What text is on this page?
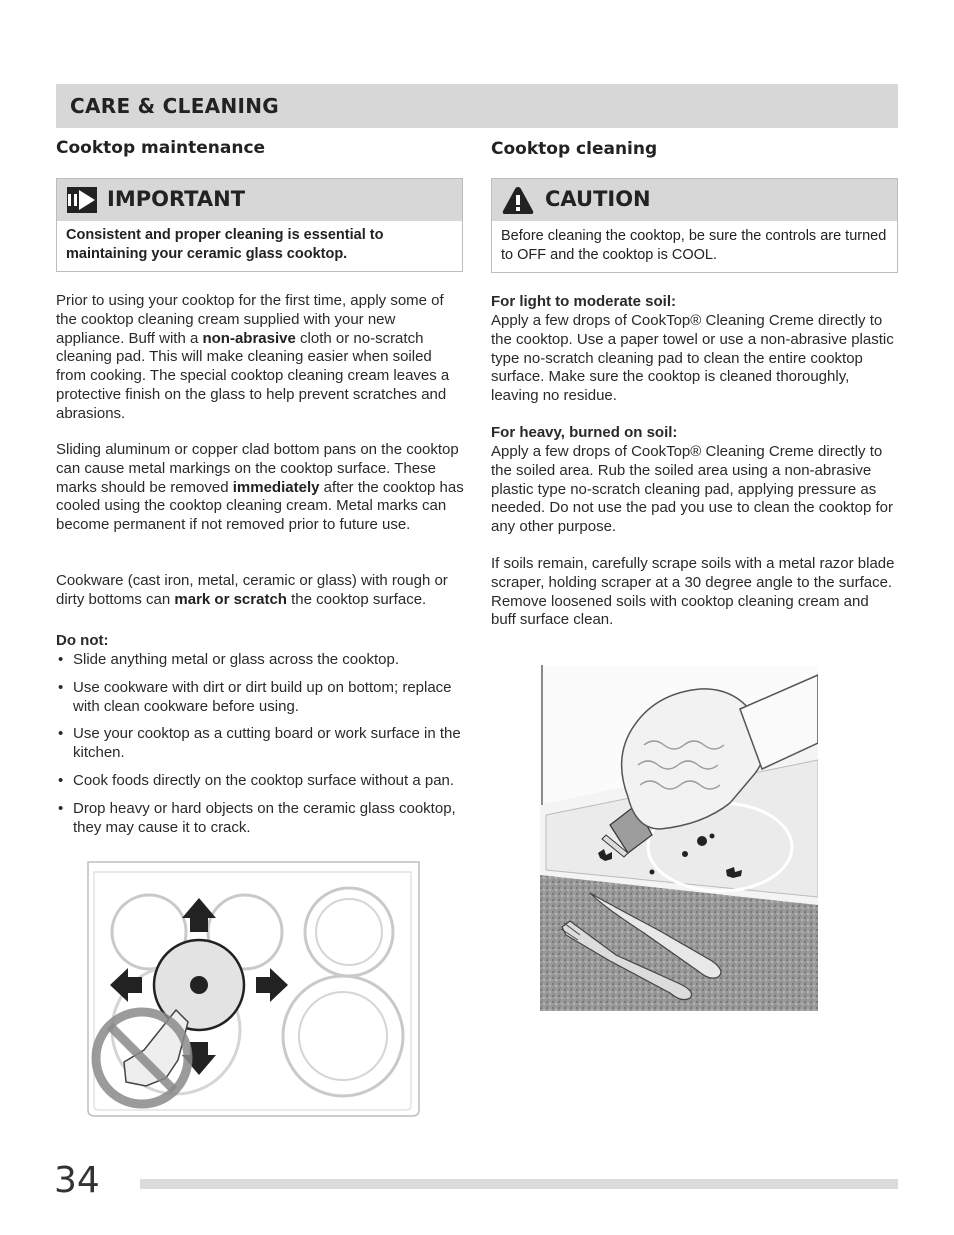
CARE & CLEANING
Cooktop maintenance
IMPORTANT
Consistent and proper cleaning is essential to maintaining your ceramic glass cooktop.
Prior to using your cooktop for the first time, apply some of the cooktop cleaning cream supplied with your new appliance. Buff with a non-abrasive cloth or no-scratch cleaning pad. This will make cleaning easier when soiled from cooking. The special cooktop cleaning cream leaves a protective finish on the glass to help prevent scratches and abrasions.
Sliding aluminum or copper clad bottom pans on the cooktop can cause metal markings on the cooktop surface. These marks should be removed immediately after the cooktop has cooled using the cooktop cleaning cream. Metal marks can become permanent if not removed prior to future use.
Cookware (cast iron, metal, ceramic or glass) with rough or dirty bottoms can mark or scratch the cooktop surface.
Do not:
• Slide anything metal or glass across the cooktop.
• Use cookware with dirt or dirt build up on bottom; replace with clean cookware before using.
• Use your cooktop as a cutting board or work surface in the kitchen.
• Cook foods directly on the cooktop surface without a pan.
• Drop heavy or hard objects on the ceramic glass cooktop, they may cause it to crack.
Cooktop cleaning
CAUTION
Before cleaning the cooktop, be sure the controls are turned to OFF and the cooktop is COOL.
For light to moderate soil:
Apply a few drops of CookTop® Cleaning Creme directly to the cooktop. Use a paper towel or use a non-abrasive plastic type no-scratch cleaning pad to clean the entire cooktop surface. Make sure the cooktop is cleaned thoroughly, leaving no residue.
For heavy, burned on soil:
Apply a few drops of CookTop® Cleaning Creme directly to the soiled area. Rub the soiled area using a non-abrasive plastic type no-scratch cleaning pad, applying pressure as needed. Do not use the pad you use to clean the cooktop for any other purpose.
If soils remain, carefully scrape soils with a metal razor blade scraper, holding scraper at a 30 degree angle to the surface. Remove loosened soils with cooktop cleaning cream and buff surface clean.
34
